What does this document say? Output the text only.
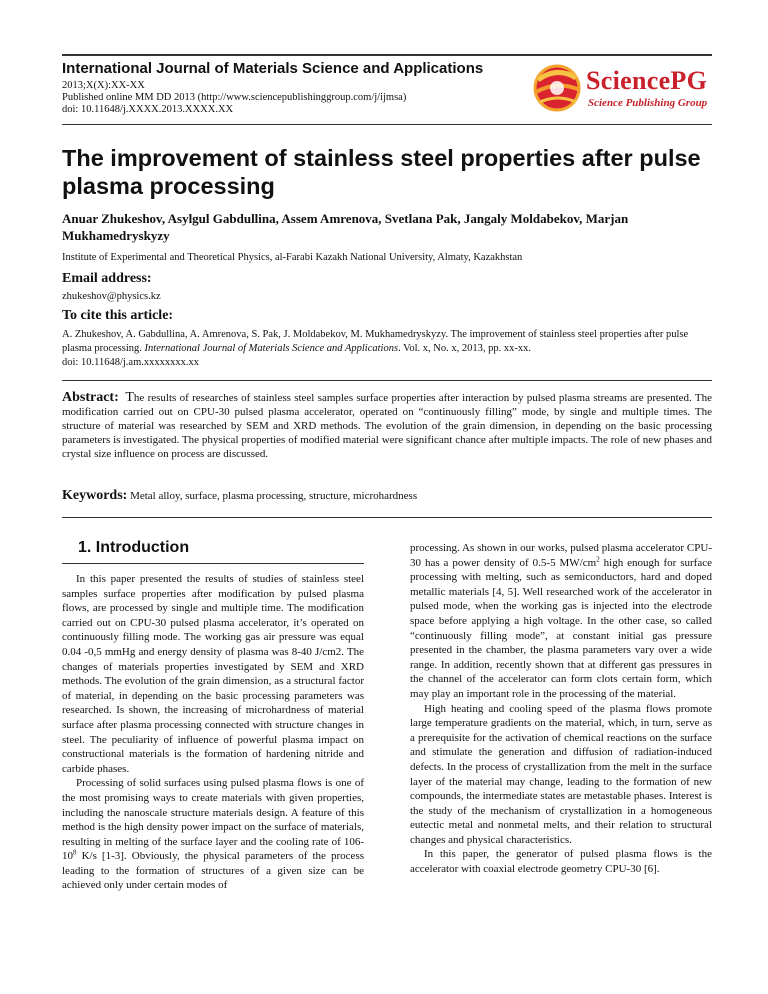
International Journal of Materials Science and Applications
2013;X(X):XX-XX
Published online MM DD 2013 (http://www.sciencepublishinggroup.com/j/ijmsa)
doi: 10.11648/j.XXXX.2013.XXXX.XX
SciencePG
Science Publishing Group
The improvement of stainless steel properties after pulse plasma processing

Anuar Zhukeshov, Asylgul Gabdullina, Assem Amrenova, Svetlana Pak, Jangaly Moldabekov, Marjan Mukhamedryskyzy

Institute of Experimental and Theoretical Physics, al-Farabi Kazakh National University, Almaty, Kazakhstan
Email address:
zhukeshov@physics.kz
To cite this article:

A. Zhukeshov, A. Gabdullina, A. Amrenova, S. Pak, J. Moldabekov, M. Mukhamedryskyzy. The improvement of stainless steel properties after pulse plasma processing. International Journal of Materials Science and Applications. Vol. x, No. x, 2013, pp. xx-xx.
doi: 10.11648/j.am.xxxxxxxx.xx

Abstract: The results of researches of stainless steel samples surface properties after interaction by pulsed plasma streams are presented. The modification carried out on CPU-30 pulsed plasma accelerator, operated on “continuously filling” mode, by single and multiple times. The structure of material was researched by SEM and XRD methods. The evolution of the grain dimension, in depending on the basic processing parameters is investigated. The physical properties of modified material were significant chance after multiple impacts. The role of new phases and crystal size influence on process are discussed.

Keywords: Metal alloy, surface, plasma processing, structure, microhardness

1. Introduction

In this paper presented the results of studies of stainless steel samples surface properties after modification by pulsed plasma flows, are processed by single and multiple time. The modification carried out on CPU-30 pulsed plasma accelerator, it’s operated on continuously filling mode. The working gas air pressure was equal 0.04 -0,5 mmHg and energy density of plasma was 8-40 J/cm2. The changes of materials properties investigated by SEM and XRD methods. The evolution of the grain dimension, as a structural factor of material, in depending on the basic processing parameters was researched. Is shown, the increasing of microhardness of material surface after plasma processing connected with structure changes in steel. The peculiarity of influence of powerful plasma impact on constructional materials is the formation of hardening nitride and carbide phases.

Processing of solid surfaces using pulsed plasma flows is one of the most promising ways to create materials with given properties, including the nanoscale structure materials design. A feature of this method is the high density power impact on the surface of materials, resulting in melting of the surface layer and the cooling rate of $106-10^8$ K/s [1-3]. Obviously, the physical parameters of the process leading to the formation of structures of a given size can be achieved only under certain modes of

processing. As shown in our works, pulsed plasma accelerator CPU-30 has a power density of 0.5-5 $MW/cm^2$ high enough for surface processing with melting, such as semiconductors, hard and doped metallic materials [4, 5]. Well researched work of the accelerator in pulsed mode, when the working gas is injected into the electrode space before applying a high voltage. In the other case, so called “continuously filling mode”, at constant initial gas pressure presented in the chamber, the plasma parameters vary over a wide range. In addition, recently shown that at different gas pressures in the channel of the accelerator can form clots certain form, which may play an important role in the processing of the material.

High heating and cooling speed of the plasma flows promote large temperature gradients on the material, which, in turn, serve as a prerequisite for the activation of chemical reactions on the surface and stimulate the generation and diffusion of radiation-induced defects. In the process of crystallization from the melt in the surface layer of the material may change, leading to the formation of new compounds, the intermediate states are metastable phases. Interest is the study of the mechanism of crystallization in a homogeneous eutectic metal and nonmetal melts, and their relation to structural changes and physical characteristics.

In this paper, the generator of pulsed plasma flows is the accelerator with coaxial electrode geometry CPU-30 [6].
